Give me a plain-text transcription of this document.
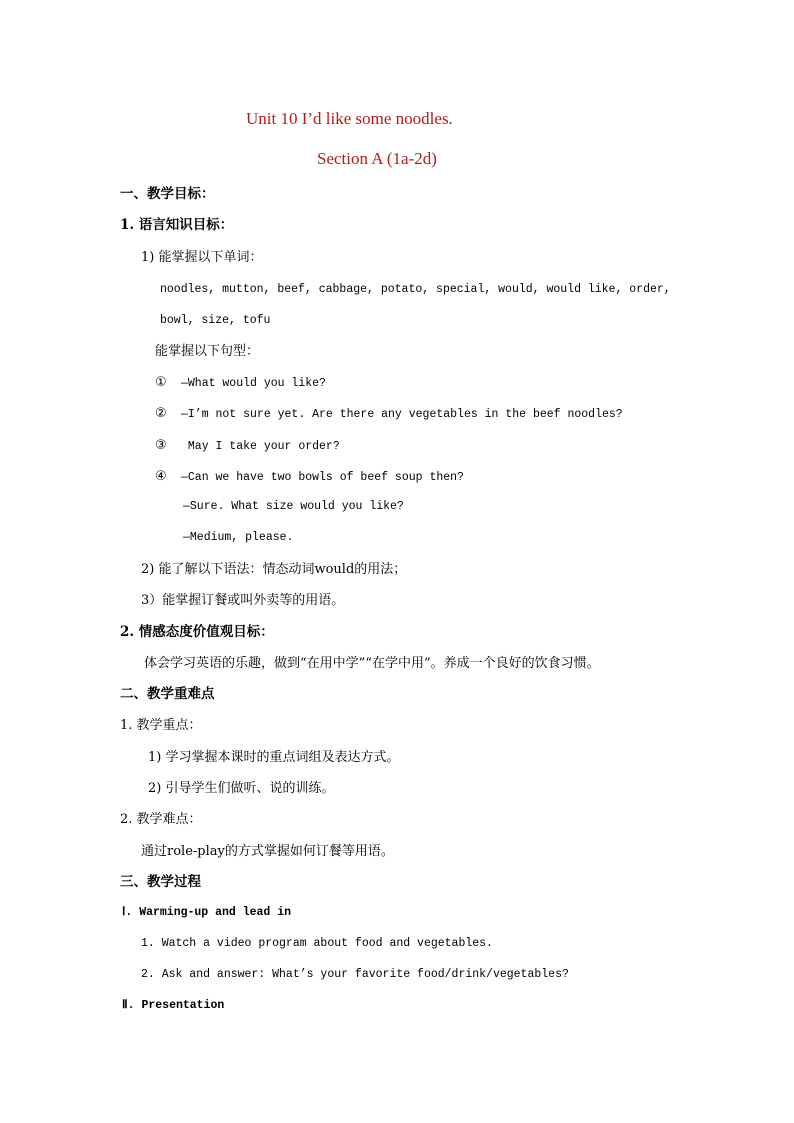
Unit 10 I’d like some noodles.
Section A (1a-2d)
一、教学目标：
1. 语言知识目标：
1) 能掌握以下单词：
noodles, mutton, beef, cabbage, potato, special, would, would like, order,
bowl, size, tofu
能掌握以下句型：
① —What would you like?
② —I’m not sure yet. Are there any vegetables in the beef noodles?
③ May I take your order?
④ —Can we have two bowls of beef soup then?
—Sure. What size would you like?
—Medium, please.
2) 能了解以下语法：情态动词would的用法；
3）能掌握订餐或叫外卖等的用语。
2. 情感态度价值观目标：
体会学习英语的乐趣，做到“在用中学”“在学中用”。养成一个良好的饮食习惯。
二、教学重难点
1. 教学重点：
1) 学习掌握本课时的重点词组及表达方式。
2) 引导学生们做听、说的训练。
2. 教学难点：
通过role-play的方式掌握如何订餐等用语。
三、教学过程
Ⅰ. Warming-up and lead in
1. Watch a video program about food and vegetables.
2. Ask and answer: What’s your favorite food/drink/vegetables?
Ⅱ. Presentation
